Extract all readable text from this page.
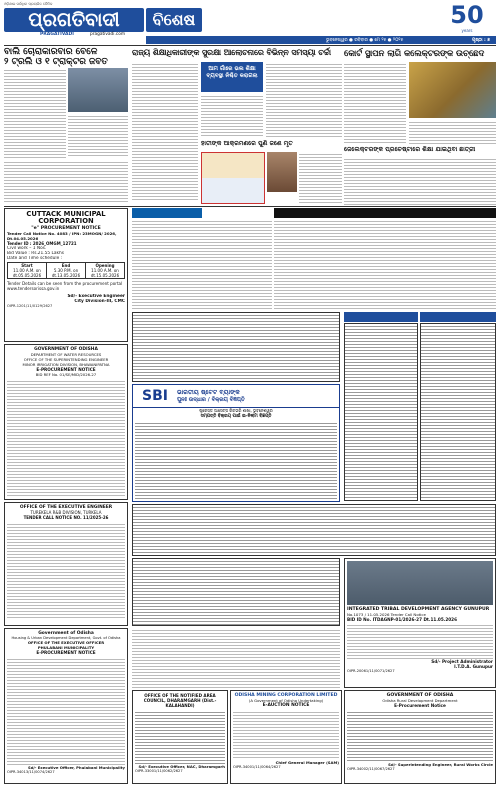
ଓଡ଼ିଶାର ସର୍ବାଧିକ ପ୍ରଚାରିତ ଦୈନିକ
ପ୍ରଗତିବାଦୀ
PRAGATIVADI	pragativadi.com
ବିଶେଷ	50
years
ଭୁବନେଶ୍ୱର ● ରବିବାର ● ମେ ୨୫ ● ୨୦୨୫	ପୃଷ୍ଠା : ୭
ବାଲି ଚୋରାକାରବାର ବେଳେ
୨ ଟ୍ରଲି ଓ ୧ ଟ୍ରାକ୍ଟର ଜବତ
ରାଜ୍ୟ ଶିକ୍ଷାଧିକାରୀଙ୍କ ସୁରକ୍ଷା ଆଲୋଚନାରେ ବିଭିନ୍ନ ସମସ୍ୟା ଚର୍ଚ୍ଚା	କୋର୍ଟ ସ୍ଥାପନ ଲାଗି କଲେକ୍ଟରଙ୍କ ଉଚ୍ଛେଦ
ଆମ ଗାଁରେ ଭଲ ଶିକ୍ଷା ବ୍ୟବସ୍ଥା ନିଶ୍ଚିତ କରାଗଲା
ହାତୀଙ୍କ ଆକ୍ରମଣରେ ପୁଣି ଜଣେ ମୃତ
ଜେଲେକ୍ଟରଙ୍କ ପ୍ରଚେଷ୍ଟାରେ ଶିକ୍ଷା ଯାଇଥିବା ଛାତ୍ରୀ
CUTTACK MUNICIPAL CORPORATION
"e" PROCUREMENT NOTICE
Tender Call Notice No. 4083 / IPN: 23MOGN/ 2026, Dt.04.05.2026
Tender ID : 2026_OMGM_12721
Civil work – 1 Nos.
Bid Value : Rs.21.55 Lakhs
Date and Time schedule :
Start
11.00 A.M. on
dt.05.05.2026
End
5.30 P.M. on
dt.13.05.2026
Opening
11.00 A.M. on
dt.15.05.2026
Tender Details can be seen from the procurement portal www.tendersorissa.gov.in
Sd/- Executive Engineer
City Division-III, CMC
OIPR-1201/11/0129/2627
GOVERNMENT OF ODISHA
DEPARTMENT OF WATER RESOURCES
OFFICE OF THE SUPERINTENDING ENGINEER
MINOR IRRIGATION DIVISION, BHAWANIPATNA
E-PROCUREMENT NOTICE
BID REF No. 01/SE/MID/2026-27
SBI	ଭାରତୀୟ ଷ୍ଟେଟ ବ୍ୟାଙ୍କ
ପୁନଃ ଉଦ୍ଧାର / ବିକ୍ରୟ ବିଜ୍ଞପ୍ତି
ଷ୍ଟ୍ରେସ୍ଡ ଆସେଟ୍ସ ରିକଭରି ଶାଖା, ଭୁବନେଶ୍ୱର
ସମ୍ପତ୍ତି ବିକ୍ରୟ ପାଇଁ ଇ-ନିଲାମ ବିଜ୍ଞପ୍ତି
OFFICE OF THE EXECUTIVE ENGINEER
TUREKELA R&B DIVISION, TURKELA
TENDER CALL NOTICE NO. 11/2025-26
INTEGRATED TRIBAL DEVELOPMENT AGENCY GUNUPUR
No.1073 / 11.05.2026 Tender Call Notice
BID ID No. ITDAGNP-01/2026-27 Dt.11.05.2026
Sd/- Project Administrator
I.T.D.A. Gunupur
OIPR-20061/11/0071/2627
Government of Odisha
Housing & Urban Development Department, Govt. of Odisha
OFFICE OF THE EXECUTIVE OFFICER
PHULABANI MUNICIPALITY
E-PROCUREMENT NOTICE
Sd/- Executive Officer, Phulabani Municipality
OIPR-34013/11/0074/2627
OFFICE OF THE NOTIFIED AREA COUNCIL, DHARAMGARH (Dist.-KALAHANDI)
Sd/- Executive Officer, NAC, Dharamgarh
OIPR-33001/11/0062/2627
ODISHA MINING CORPORATION LIMITED
(A Government of Odisha Undertaking)
E-AUCTION NOTICE
Chief General Manager (SAM)
OIPR-34001/11/0064/2627
GOVERNMENT OF ODISHA
Odisha Rural Development Department
E-Procurement Notice
Sd/- Superintending Engineer, Rural Works Circle
OIPR-34002/11/0067/2627
